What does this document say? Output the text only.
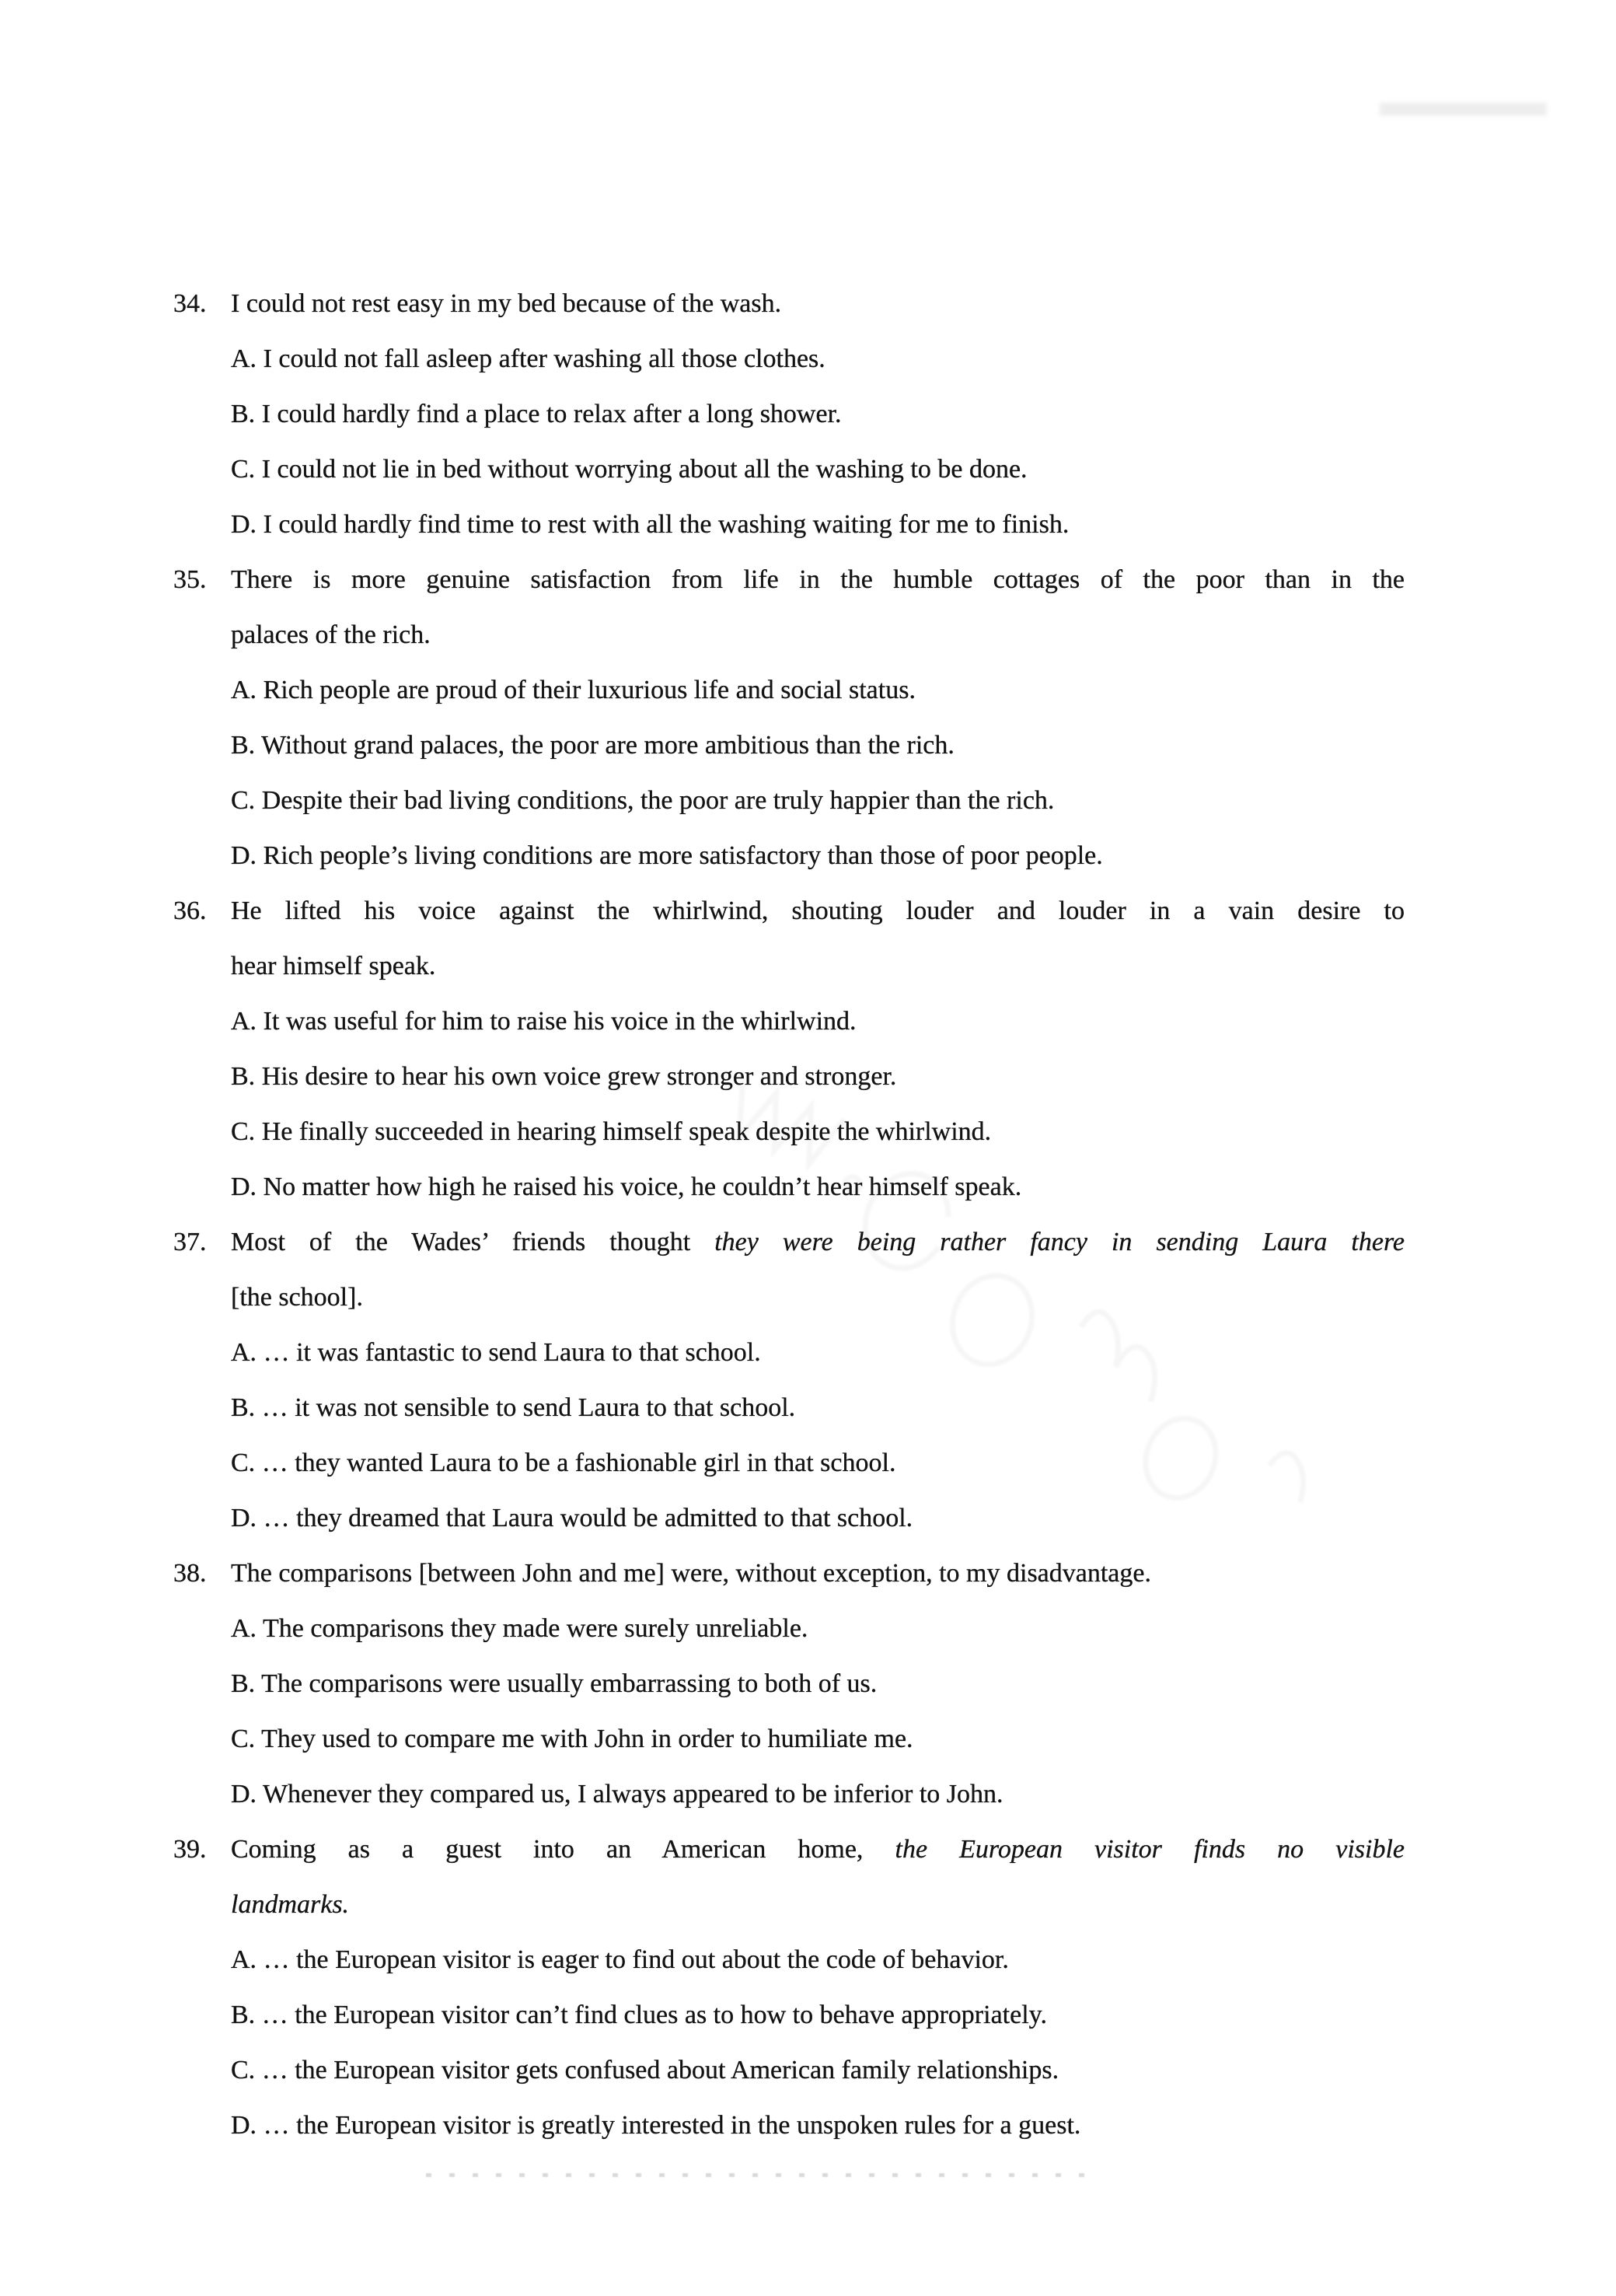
34. I could not rest easy in my bed because of the wash.
A. I could not fall asleep after washing all those clothes.
B. I could hardly find a place to relax after a long shower.
C. I could not lie in bed without worrying about all the washing to be done.
D. I could hardly find time to rest with all the washing waiting for me to finish.
35. There is more genuine satisfaction from life in the humble cottages of the poor than in the
palaces of the rich.
A. Rich people are proud of their luxurious life and social status.
B. Without grand palaces, the poor are more ambitious than the rich.
C. Despite their bad living conditions, the poor are truly happier than the rich.
D. Rich people’s living conditions are more satisfactory than those of poor people.
36. He lifted his voice against the whirlwind, shouting louder and louder in a vain desire to
hear himself speak.
A. It was useful for him to raise his voice in the whirlwind.
B. His desire to hear his own voice grew stronger and stronger.
C. He finally succeeded in hearing himself speak despite the whirlwind.
D. No matter how high he raised his voice, he couldn’t hear himself speak.
37. Most of the Wades’ friends thought they were being rather fancy in sending Laura there
[the school].
A. … it was fantastic to send Laura to that school.
B. … it was not sensible to send Laura to that school.
C. … they wanted Laura to be a fashionable girl in that school.
D. … they dreamed that Laura would be admitted to that school.
38. The comparisons [between John and me] were, without exception, to my disadvantage.
A. The comparisons they made were surely unreliable.
B. The comparisons were usually embarrassing to both of us.
C. They used to compare me with John in order to humiliate me.
D. Whenever they compared us, I always appeared to be inferior to John.
39. Coming as a guest into an American home, the European visitor finds no visible
landmarks.
A. … the European visitor is eager to find out about the code of behavior.
B. … the European visitor can’t find clues as to how to behave appropriately.
C. … the European visitor gets confused about American family relationships.
D. … the European visitor is greatly interested in the unspoken rules for a guest.
